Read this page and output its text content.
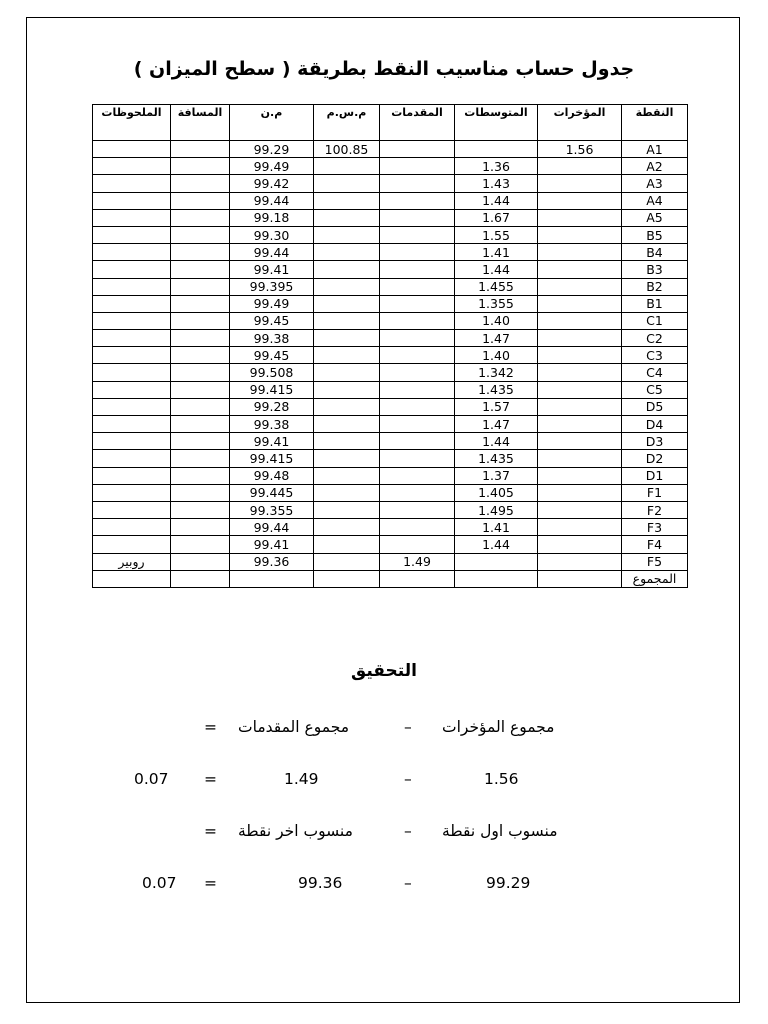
جدول حساب مناسيب النقط بطريقة ( سطح الميزان )
النقطة	المؤخرات	المتوسطات	المقدمات	م.س.م	م.ن	المسافة	الملحوظات
A1	1.56			100.85	99.29		
A2		1.36			99.49		
A3		1.43			99.42		
A4		1.44			99.44		
A5		1.67			99.18		
B5		1.55			99.30		
B4		1.41			99.44		
B3		1.44			99.41		
B2		1.455			99.395		
B1		1.355			99.49		
C1		1.40			99.45		
C2		1.47			99.38		
C3		1.40			99.45		
C4		1.342			99.508		
C5		1.435			99.415		
D5		1.57			99.28		
D4		1.47			99.38		
D3		1.44			99.41		
D2		1.435			99.415		
D1		1.37			99.48		
F1		1.405			99.445		
F2		1.495			99.355		
F3		1.41			99.44		
F4		1.44			99.41		
F5			1.49		99.36		روبير
المجموع							
التحقيق
مجموع المؤخرات
–
مجموع المقدمات
=
1.56
–
1.49
=
0.07
منسوب اول نقطة
–
منسوب اخر نقطة
=
99.29
–
99.36
=
0.07
